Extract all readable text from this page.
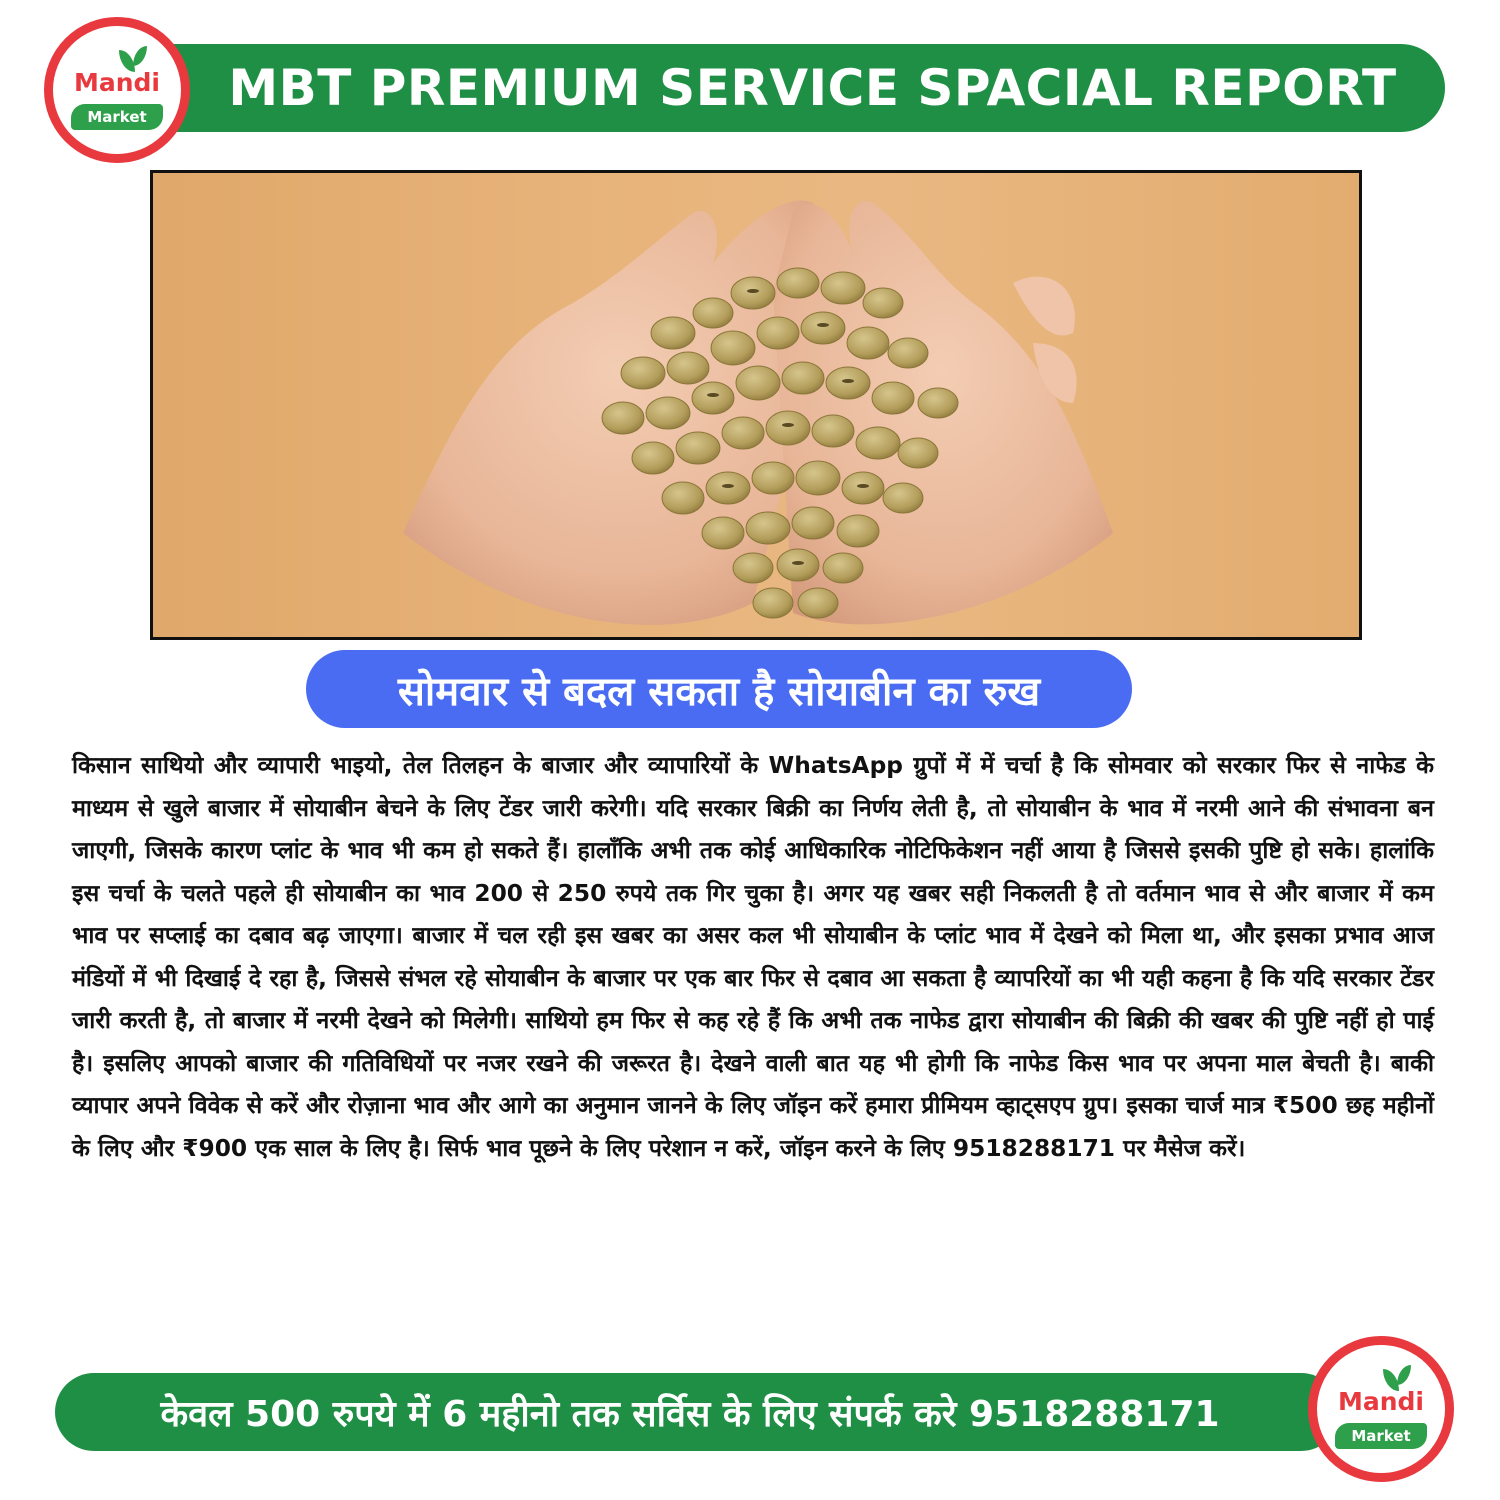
MBT PREMIUM SERVICE SPACIAL REPORT
Mandi
Market
सोमवार से बदल सकता है सोयाबीन का रुख

किसान साथियो और व्यापारी भाइयो, तेल तिलहन के बाजार और व्यापारियों के WhatsApp ग्रुपों में में चर्चा है कि सोमवार को सरकार फिर से नाफेड के माध्यम से खुले बाजार में सोयाबीन बेचने के लिए टेंडर जारी करेगी। यदि सरकार बिक्री का निर्णय लेती है, तो सोयाबीन के भाव में नरमी आने की संभावना बन जाएगी, जिसके कारण प्लांट के भाव भी कम हो सकते हैं। हालाँकि अभी तक कोई आधिकारिक नोटिफिकेशन नहीं आया है जिससे इसकी पुष्टि हो सके। हालांकि इस चर्चा के चलते पहले ही सोयाबीन का भाव 200 से 250 रुपये तक गिर चुका है। अगर यह खबर सही निकलती है तो वर्तमान भाव से और बाजार में कम भाव पर सप्लाई का दबाव बढ़ जाएगा। बाजार में चल रही इस खबर का असर कल भी सोयाबीन के प्लांट भाव में देखने को मिला था, और इसका प्रभाव आज मंडियों में भी दिखाई दे रहा है, जिससे संभल रहे सोयाबीन के बाजार पर एक बार फिर से दबाव आ सकता है व्यापरियों का भी यही कहना है कि यदि सरकार टेंडर जारी करती है, तो बाजार में नरमी देखने को मिलेगी। साथियो हम फिर से कह रहे हैं कि अभी तक नाफेड द्वारा सोयाबीन की बिक्री की खबर की पुष्टि नहीं हो पाई है। इसलिए आपको बाजार की गतिविधियों पर नजर रखने की जरूरत है। देखने वाली बात यह भी होगी कि नाफेड किस भाव पर अपना माल बेचती है। बाकी व्यापार अपने विवेक से करें और रोज़ाना भाव और आगे का अनुमान जानने के लिए जॉइन करें हमारा प्रीमियम व्हाट्सएप ग्रुप। इसका चार्ज मात्र ₹500 छह महीनों के लिए और ₹900 एक साल के लिए है। सिर्फ भाव पूछने के लिए परेशान न करें, जॉइन करने के लिए 9518288171 पर मैसेज करें।

केवल 500 रुपये में 6 महीनो तक सर्विस के लिए संपर्क करे 9518288171	Mandi
Market
